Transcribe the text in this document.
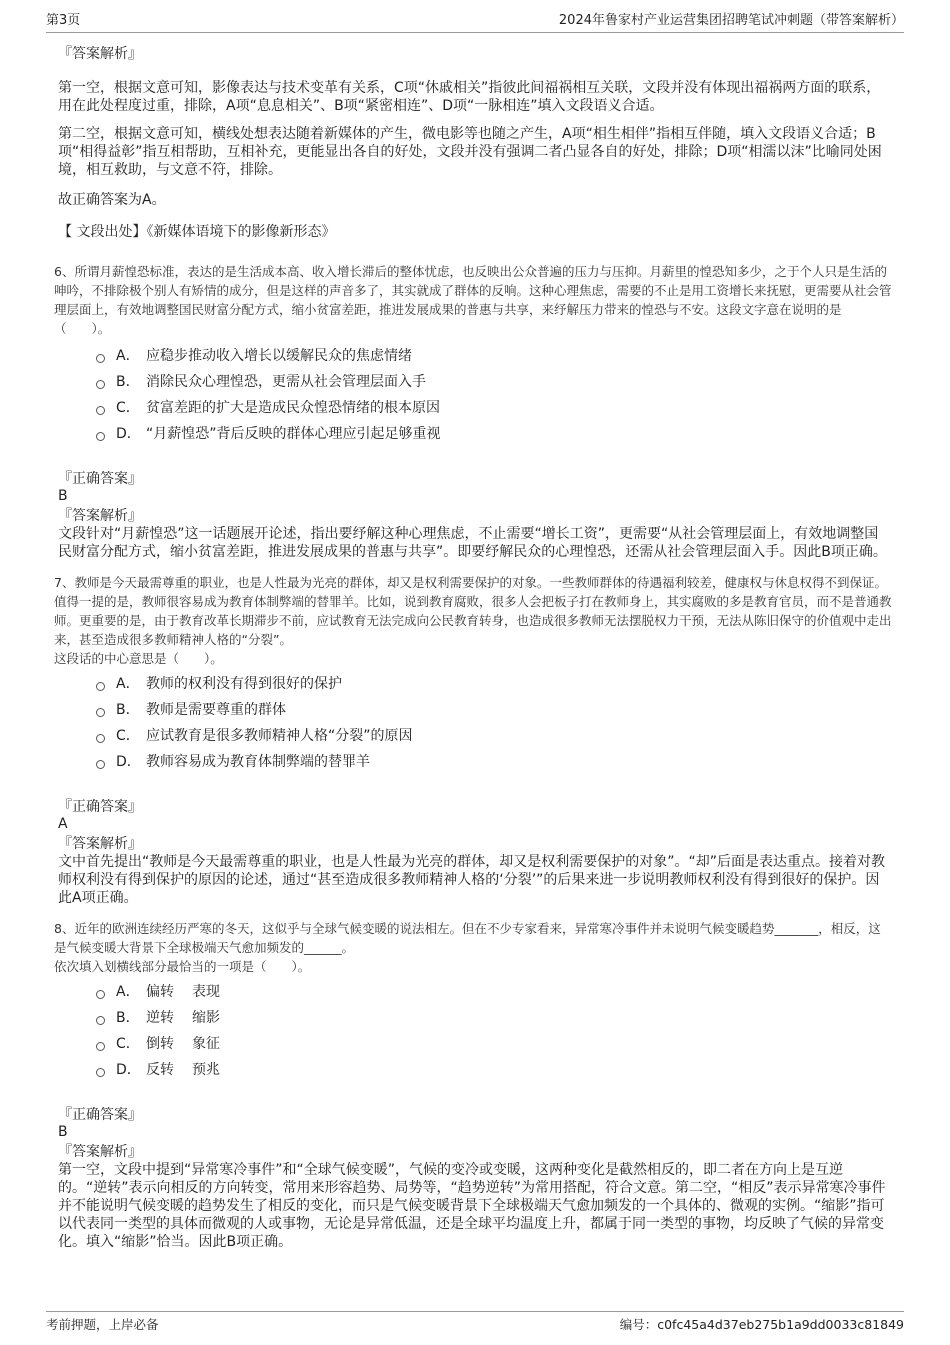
第3页	2024年鲁家村产业运营集团招聘笔试冲刺题（带答案解析）
『答案解析』

第一空，根据文意可知，影像表达与技术变革有关系，C项“休戚相关”指彼此间福祸相互关联，文段并没有体现出福祸两方面的联系，用在此处程度过重，排除，A项“息息相关”、B项“紧密相连”、D项“一脉相连”填入文段语义合适。

第二空，根据文意可知，横线处想表达随着新媒体的产生，微电影等也随之产生，A项“相生相伴”指相互伴随，填入文段语义合适；B项“相得益彰”指互相帮助，互相补充，更能显出各自的好处，文段并没有强调二者凸显各自的好处，排除；D项“相濡以沫”比喻同处困境，相互救助，与文意不符，排除。

故正确答案为A。

【 文段出处】《新媒体语境下的影像新形态》

6、所谓月薪惶恐标准，表达的是生活成本高、收入增长滞后的整体忧虑，也反映出公众普遍的压力与压抑。月薪里的惶恐知多少，之于个人只是生活的呻吟，不排除极个别人有矫情的成分，但是这样的声音多了，其实就成了群体的反响。这种心理焦虑，需要的不止是用工资增长来抚慰，更需要从社会管理层面上，有效地调整国民财富分配方式，缩小贫富差距，推进发展成果的普惠与共享，来纾解压力带来的惶恐与不安。这段文字意在说明的是（　　）。

A． 应稳步推动收入增长以缓解民众的焦虑情绪
B． 消除民众心理惶恐，更需从社会管理层面入手
C． 贫富差距的扩大是造成民众惶恐情绪的根本原因
D． “月薪惶恐”背后反映的群体心理应引起足够重视
『正确答案』
B
『答案解析』

文段针对“月薪惶恐”这一话题展开论述，指出要纾解这种心理焦虑，不止需要“增长工资”，更需要“从社会管理层面上，有效地调整国民财富分配方式，缩小贫富差距，推进发展成果的普惠与共享”。即要纾解民众的心理惶恐，还需从社会管理层面入手。因此B项正确。

7、教师是今天最需尊重的职业，也是人性最为光亮的群体，却又是权利需要保护的对象。一些教师群体的待遇福利较差，健康权与休息权得不到保证。值得一提的是，教师很容易成为教育体制弊端的替罪羊。比如，说到教育腐败，很多人会把板子打在教师身上，其实腐败的多是教育官员，而不是普通教师。更重要的是，由于教育改革长期滞步不前，应试教育无法完成向公民教育转身，也造成很多教师无法摆脱权力干预，无法从陈旧保守的价值观中走出来，甚至造成很多教师精神人格的“分裂”。

这段话的中心意思是（　　）。

A． 教师的权利没有得到很好的保护
B． 教师是需要尊重的群体
C． 应试教育是很多教师精神人格“分裂”的原因
D． 教师容易成为教育体制弊端的替罪羊
『正确答案』
A
『答案解析』

文中首先提出“教师是今天最需尊重的职业，也是人性最为光亮的群体，却又是权利需要保护的对象”。“却”后面是表达重点。接着对教师权利没有得到保护的原因的论述，通过“甚至造成很多教师精神人格的‘分裂’”的后果来进一步说明教师权利没有得到很好的保护。因此A项正确。

8、近年的欧洲连续经历严寒的冬天，这似乎与全球气候变暖的说法相左。但在不少专家看来，异常寒冷事件并未说明气候变暖趋势_______，相反，这是气候变暖大背景下全球极端天气愈加频发的______。

依次填入划横线部分最恰当的一项是（　　）。

A． 偏转	表现
B． 逆转	缩影
C． 倒转	象征
D． 反转	预兆
『正确答案』
B
『答案解析』

第一空，文段中提到“异常寒冷事件”和“全球气候变暖”，气候的变冷或变暖，这两种变化是截然相反的，即二者在方向上是互逆的。“逆转”表示向相反的方向转变，常用来形容趋势、局势等，“趋势逆转”为常用搭配，符合文意。第二空，“相反”表示异常寒冷事件并不能说明气候变暖的趋势发生了相反的变化，而只是气候变暖背景下全球极端天气愈加频发的一个具体的、微观的实例。“缩影”指可以代表同一类型的具体而微观的人或事物，无论是异常低温，还是全球平均温度上升，都属于同一类型的事物，均反映了气候的异常变化。填入“缩影”恰当。因此B项正确。

考前押题，上岸必备	编号：c0fc45a4d37eb275b1a9dd0033c81849
